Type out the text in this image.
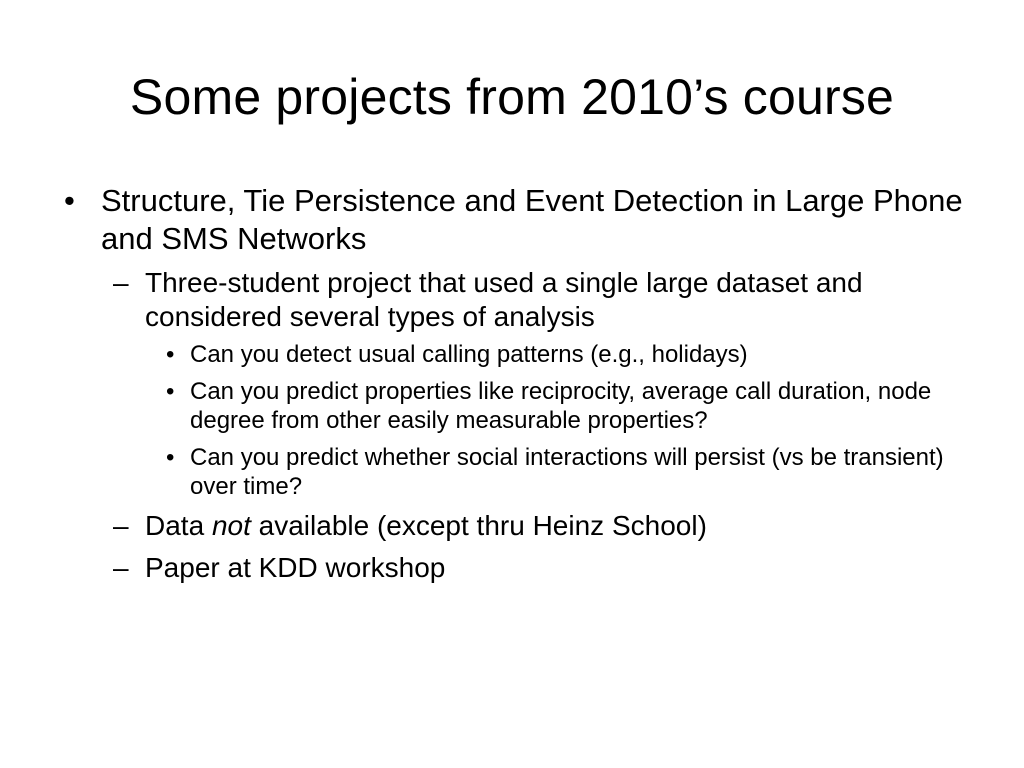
Some projects from 2010’s course
• Structure, Tie Persistence and Event Detection in Large Phone and SMS Networks
– Three-student project that used a single large dataset and considered several types of analysis
• Can you detect usual calling patterns (e.g., holidays)
• Can you predict properties like reciprocity, average call duration, node degree from other easily measurable properties?
• Can you predict whether social interactions will persist (vs be transient) over time?
– Data not available (except thru Heinz School)
– Paper at KDD workshop
